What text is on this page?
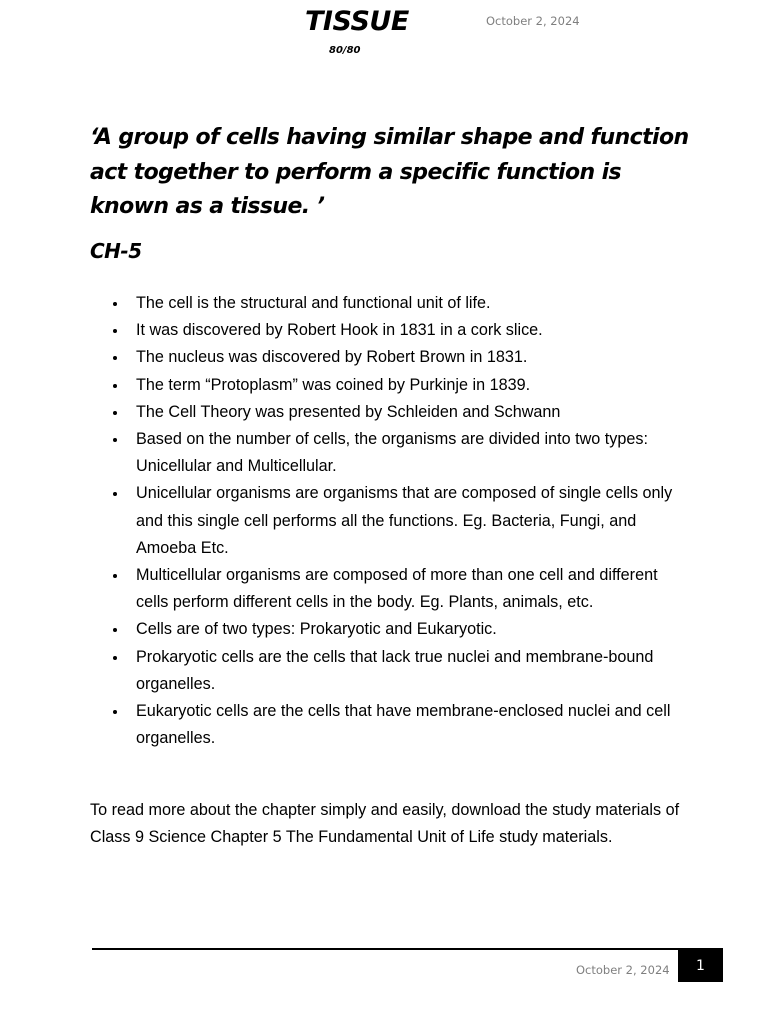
TISSUE
80/80
October 2, 2024

‘A group of cells having similar shape and function act together to perform a specific function is known as a tissue. ’

CH-5
The cell is the structural and functional unit of life.
It was discovered by Robert Hook in 1831 in a cork slice.
The nucleus was discovered by Robert Brown in 1831.
The term “Protoplasm” was coined by Purkinje in 1839.
The Cell Theory was presented by Schleiden and Schwann
Based on the number of cells, the organisms are divided into two types: Unicellular and Multicellular.
Unicellular organisms are organisms that are composed of single cells only and this single cell performs all the functions. Eg. Bacteria, Fungi, and Amoeba Etc.
Multicellular organisms are composed of more than one cell and different cells perform different cells in the body. Eg. Plants, animals, etc.
Cells are of two types: Prokaryotic and Eukaryotic.
Prokaryotic cells are the cells that lack true nuclei and membrane-bound organelles.
Eukaryotic cells are the cells that have membrane-enclosed nuclei and cell organelles.

To read more about the chapter simply and easily, download the study materials of Class 9 Science Chapter 5 The Fundamental Unit of Life study materials.

October 2, 2024	1
